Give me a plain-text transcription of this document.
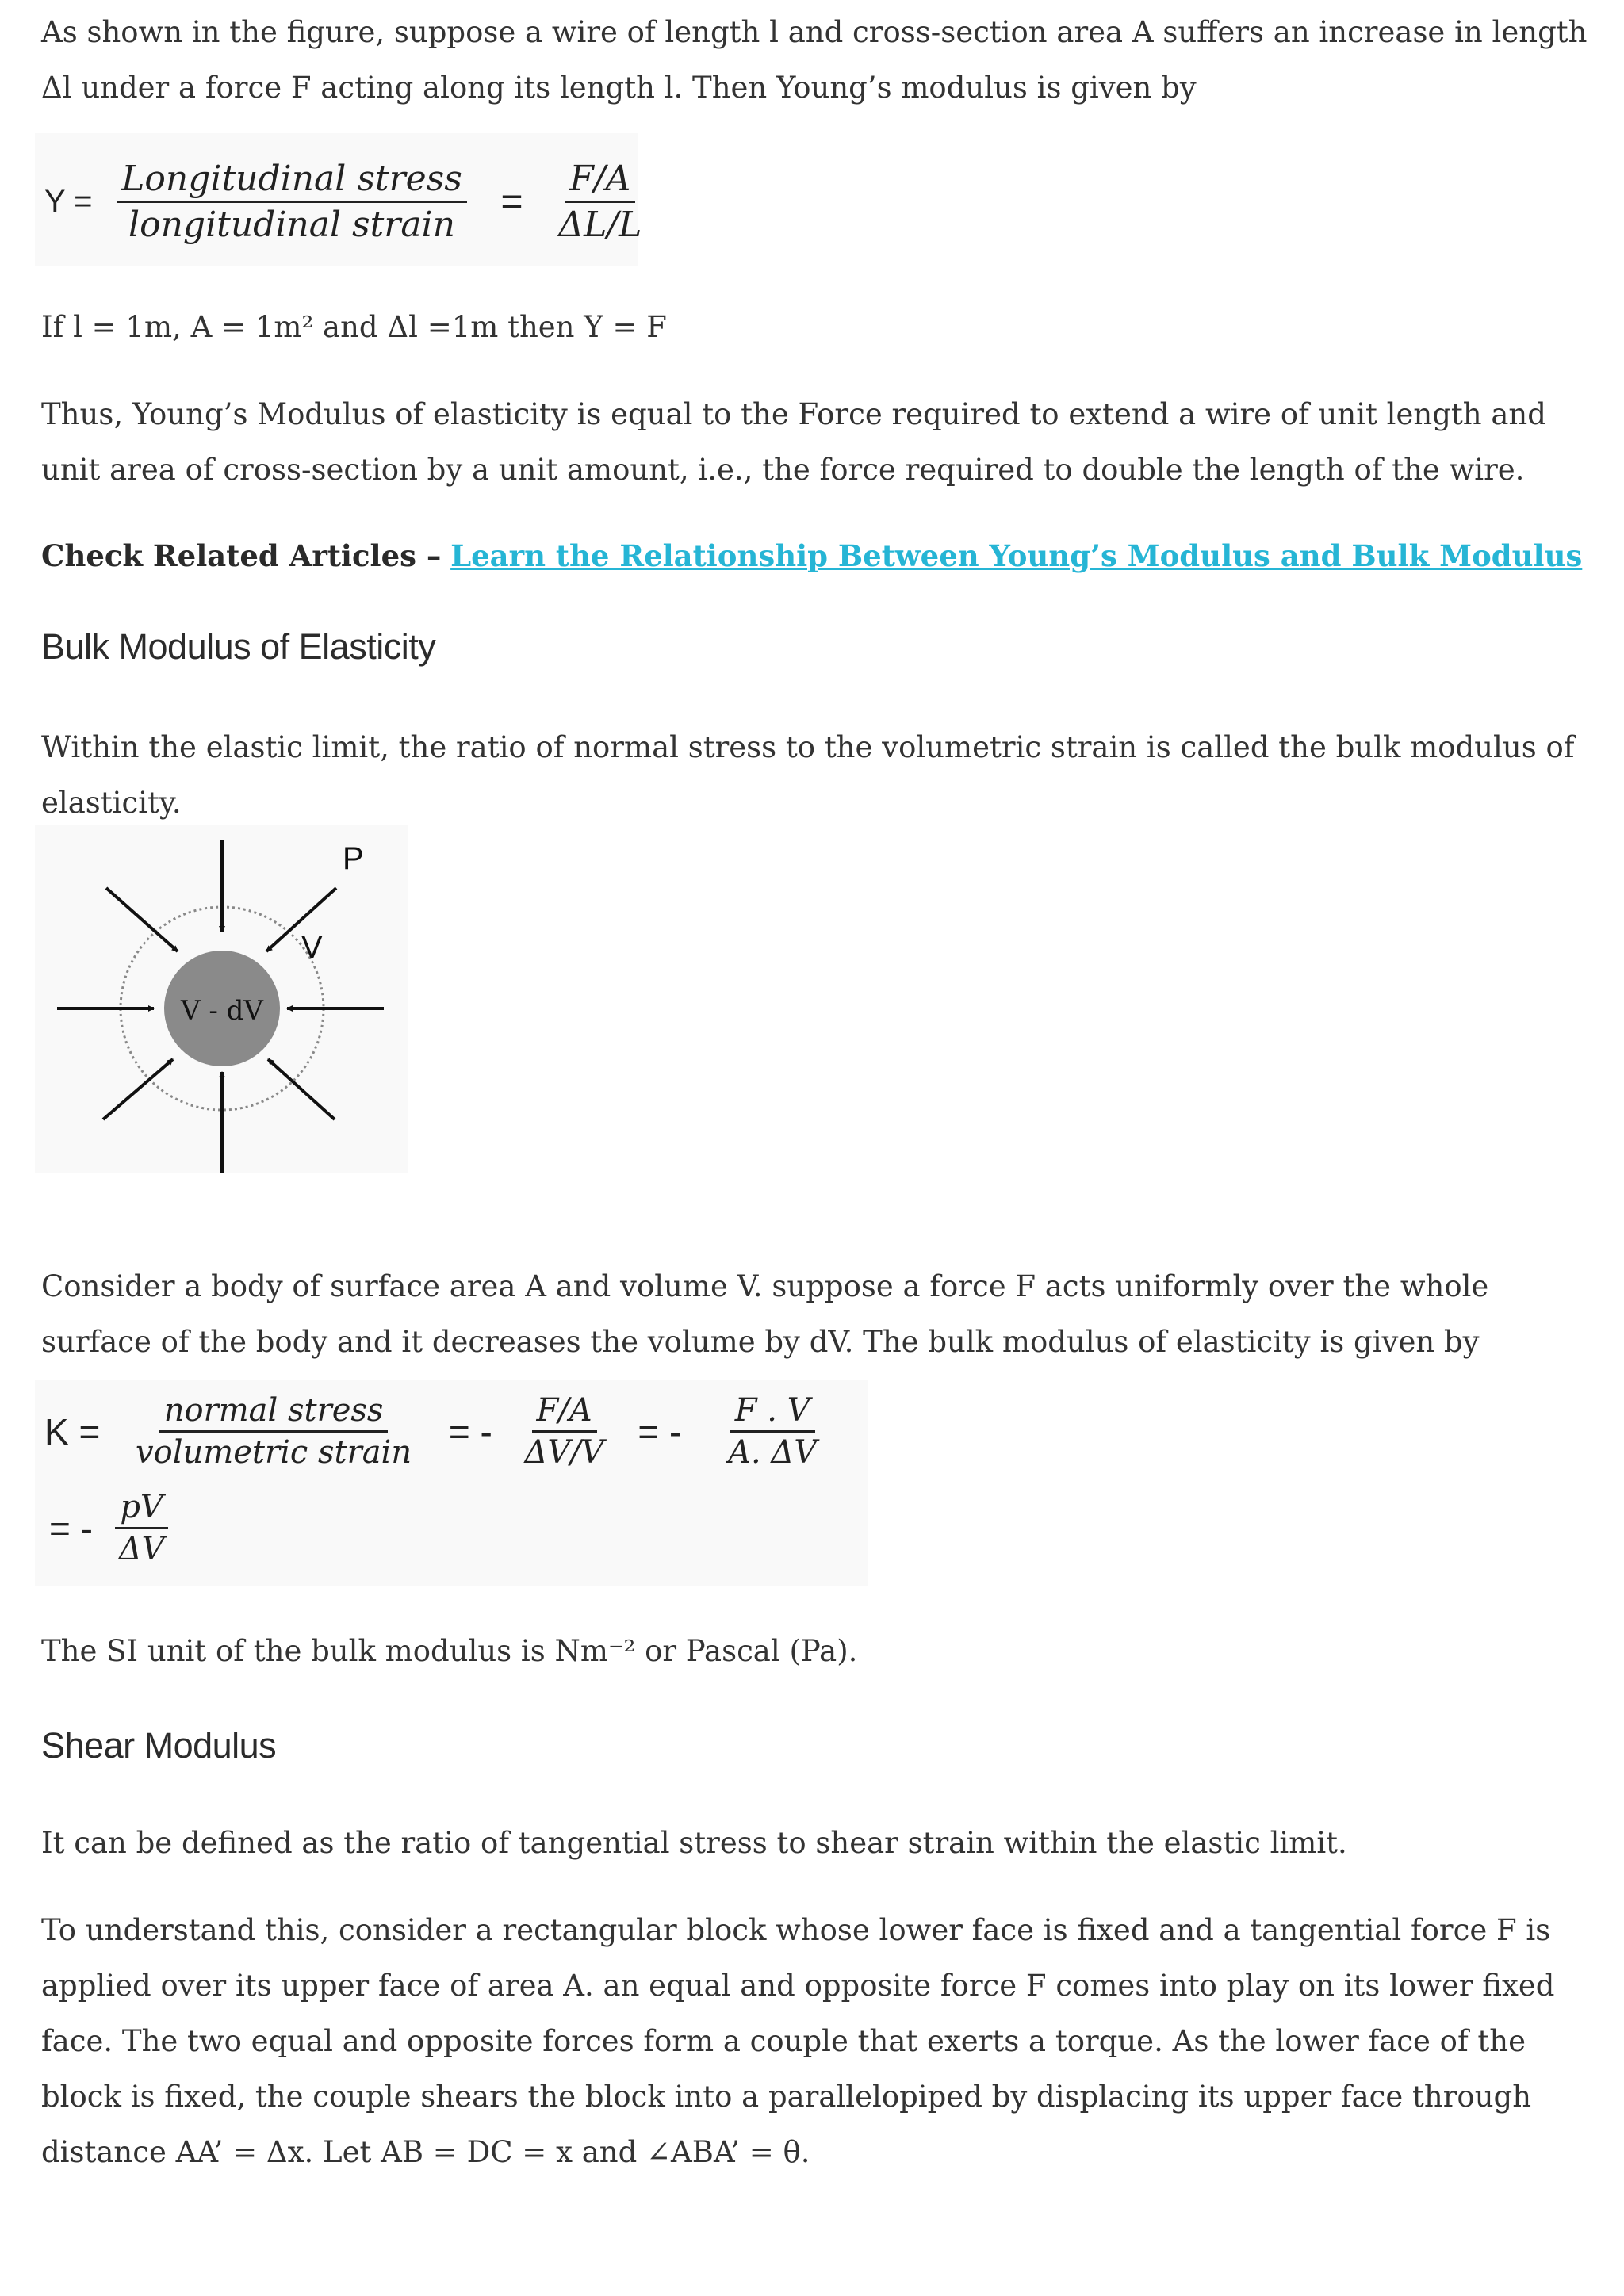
As shown in the figure, suppose a wire of length l and cross-section area A suffers an increase in length Δl under a force F acting along its length l. Then Young’s modulus is given by

$Y = \frac{\text{Longitudinal stress}}{\text{longitudinal strain}} = \frac{F/A}{\Delta L/L}$

If l = 1m, A = 1m² and Δl =1m then Y = F

Thus, Young’s Modulus of elasticity is equal to the Force required to extend a wire of unit length and unit area of cross-section by a unit amount, i.e., the force required to double the length of the wire.

Check Related Articles – Learn the Relationship Between Young’s Modulus and Bulk Modulus

Bulk Modulus of Elasticity

Within the elastic limit, the ratio of normal stress to the volumetric strain is called the bulk modulus of elasticity.

P
V
V - dV

Consider a body of surface area A and volume V. suppose a force F acts uniformly over the whole surface of the body and it decreases the volume by dV. The bulk modulus of elasticity is given by

$K = \frac{\text{normal stress}}{\text{volumetric strain}}$ = - $\frac{F/A}{\Delta V/V}$ = - $\frac{F . V}{A. \Delta V}$
= - $\frac{pV}{\Delta V}$

The SI unit of the bulk modulus is Nm⁻² or Pascal (Pa).

Shear Modulus

It can be defined as the ratio of tangential stress to shear strain within the elastic limit.

To understand this, consider a rectangular block whose lower face is fixed and a tangential force F is applied over its upper face of area A. an equal and opposite force F comes into play on its lower fixed face. The two equal and opposite forces form a couple that exerts a torque. As the lower face of the block is fixed, the couple shears the block into a parallelopiped by displacing its upper face through distance AA’ = Δx. Let AB = DC = x and ∠ABA’ = θ.
